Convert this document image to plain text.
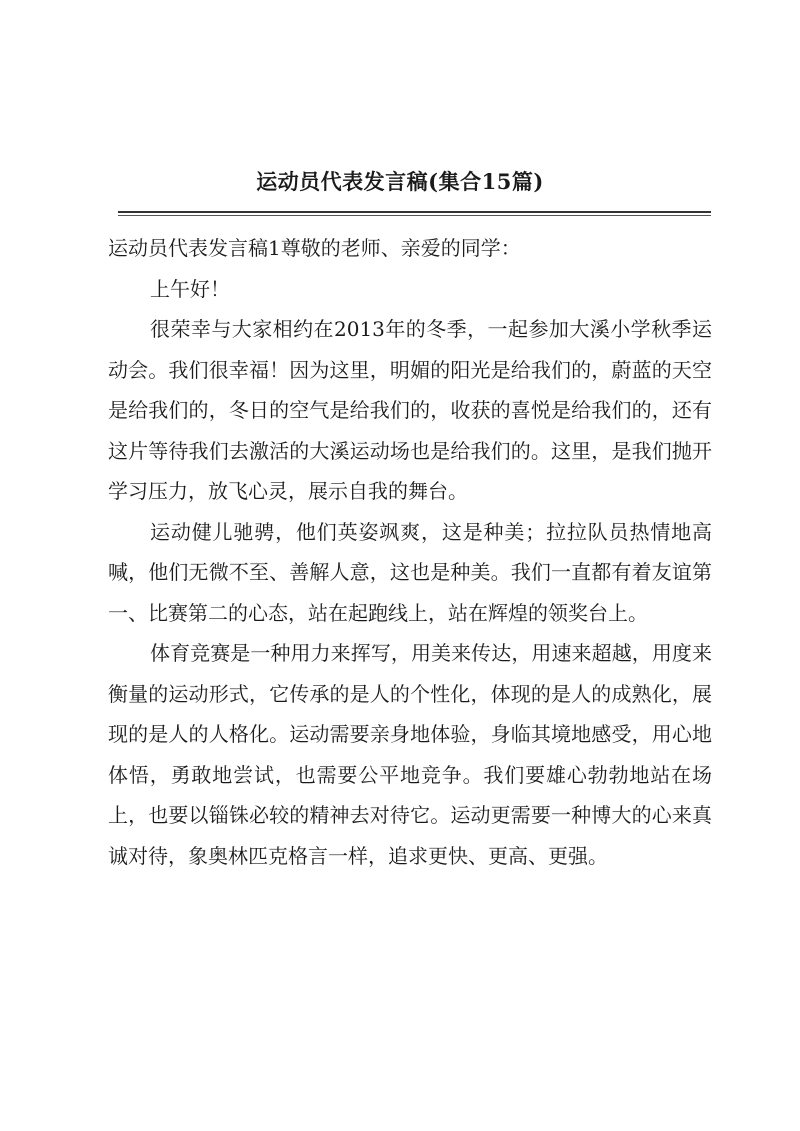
运动员代表发言稿(集合15篇)

运动员代表发言稿1尊敬的老师、亲爱的同学：

上午好！

很荣幸与大家相约在2013年的冬季，一起参加大溪小学秋季运动会。我们很幸福！因为这里，明媚的阳光是给我们的，蔚蓝的天空是给我们的，冬日的空气是给我们的，收获的喜悦是给我们的，还有这片等待我们去激活的大溪运动场也是给我们的。这里，是我们抛开学习压力，放飞心灵，展示自我的舞台。

运动健儿驰骋，他们英姿飒爽，这是种美；拉拉队员热情地高喊，他们无微不至、善解人意，这也是种美。我们一直都有着友谊第一、比赛第二的心态，站在起跑线上，站在辉煌的领奖台上。

体育竞赛是一种用力来挥写，用美来传达，用速来超越，用度来衡量的运动形式，它传承的是人的个性化，体现的是人的成熟化，展现的是人的人格化。运动需要亲身地体验，身临其境地感受，用心地体悟，勇敢地尝试，也需要公平地竞争。我们要雄心勃勃地站在场上，也要以锱铢必较的精神去对待它。运动更需要一种博大的心来真诚对待，象奥林匹克格言一样，追求更快、更高、更强。
